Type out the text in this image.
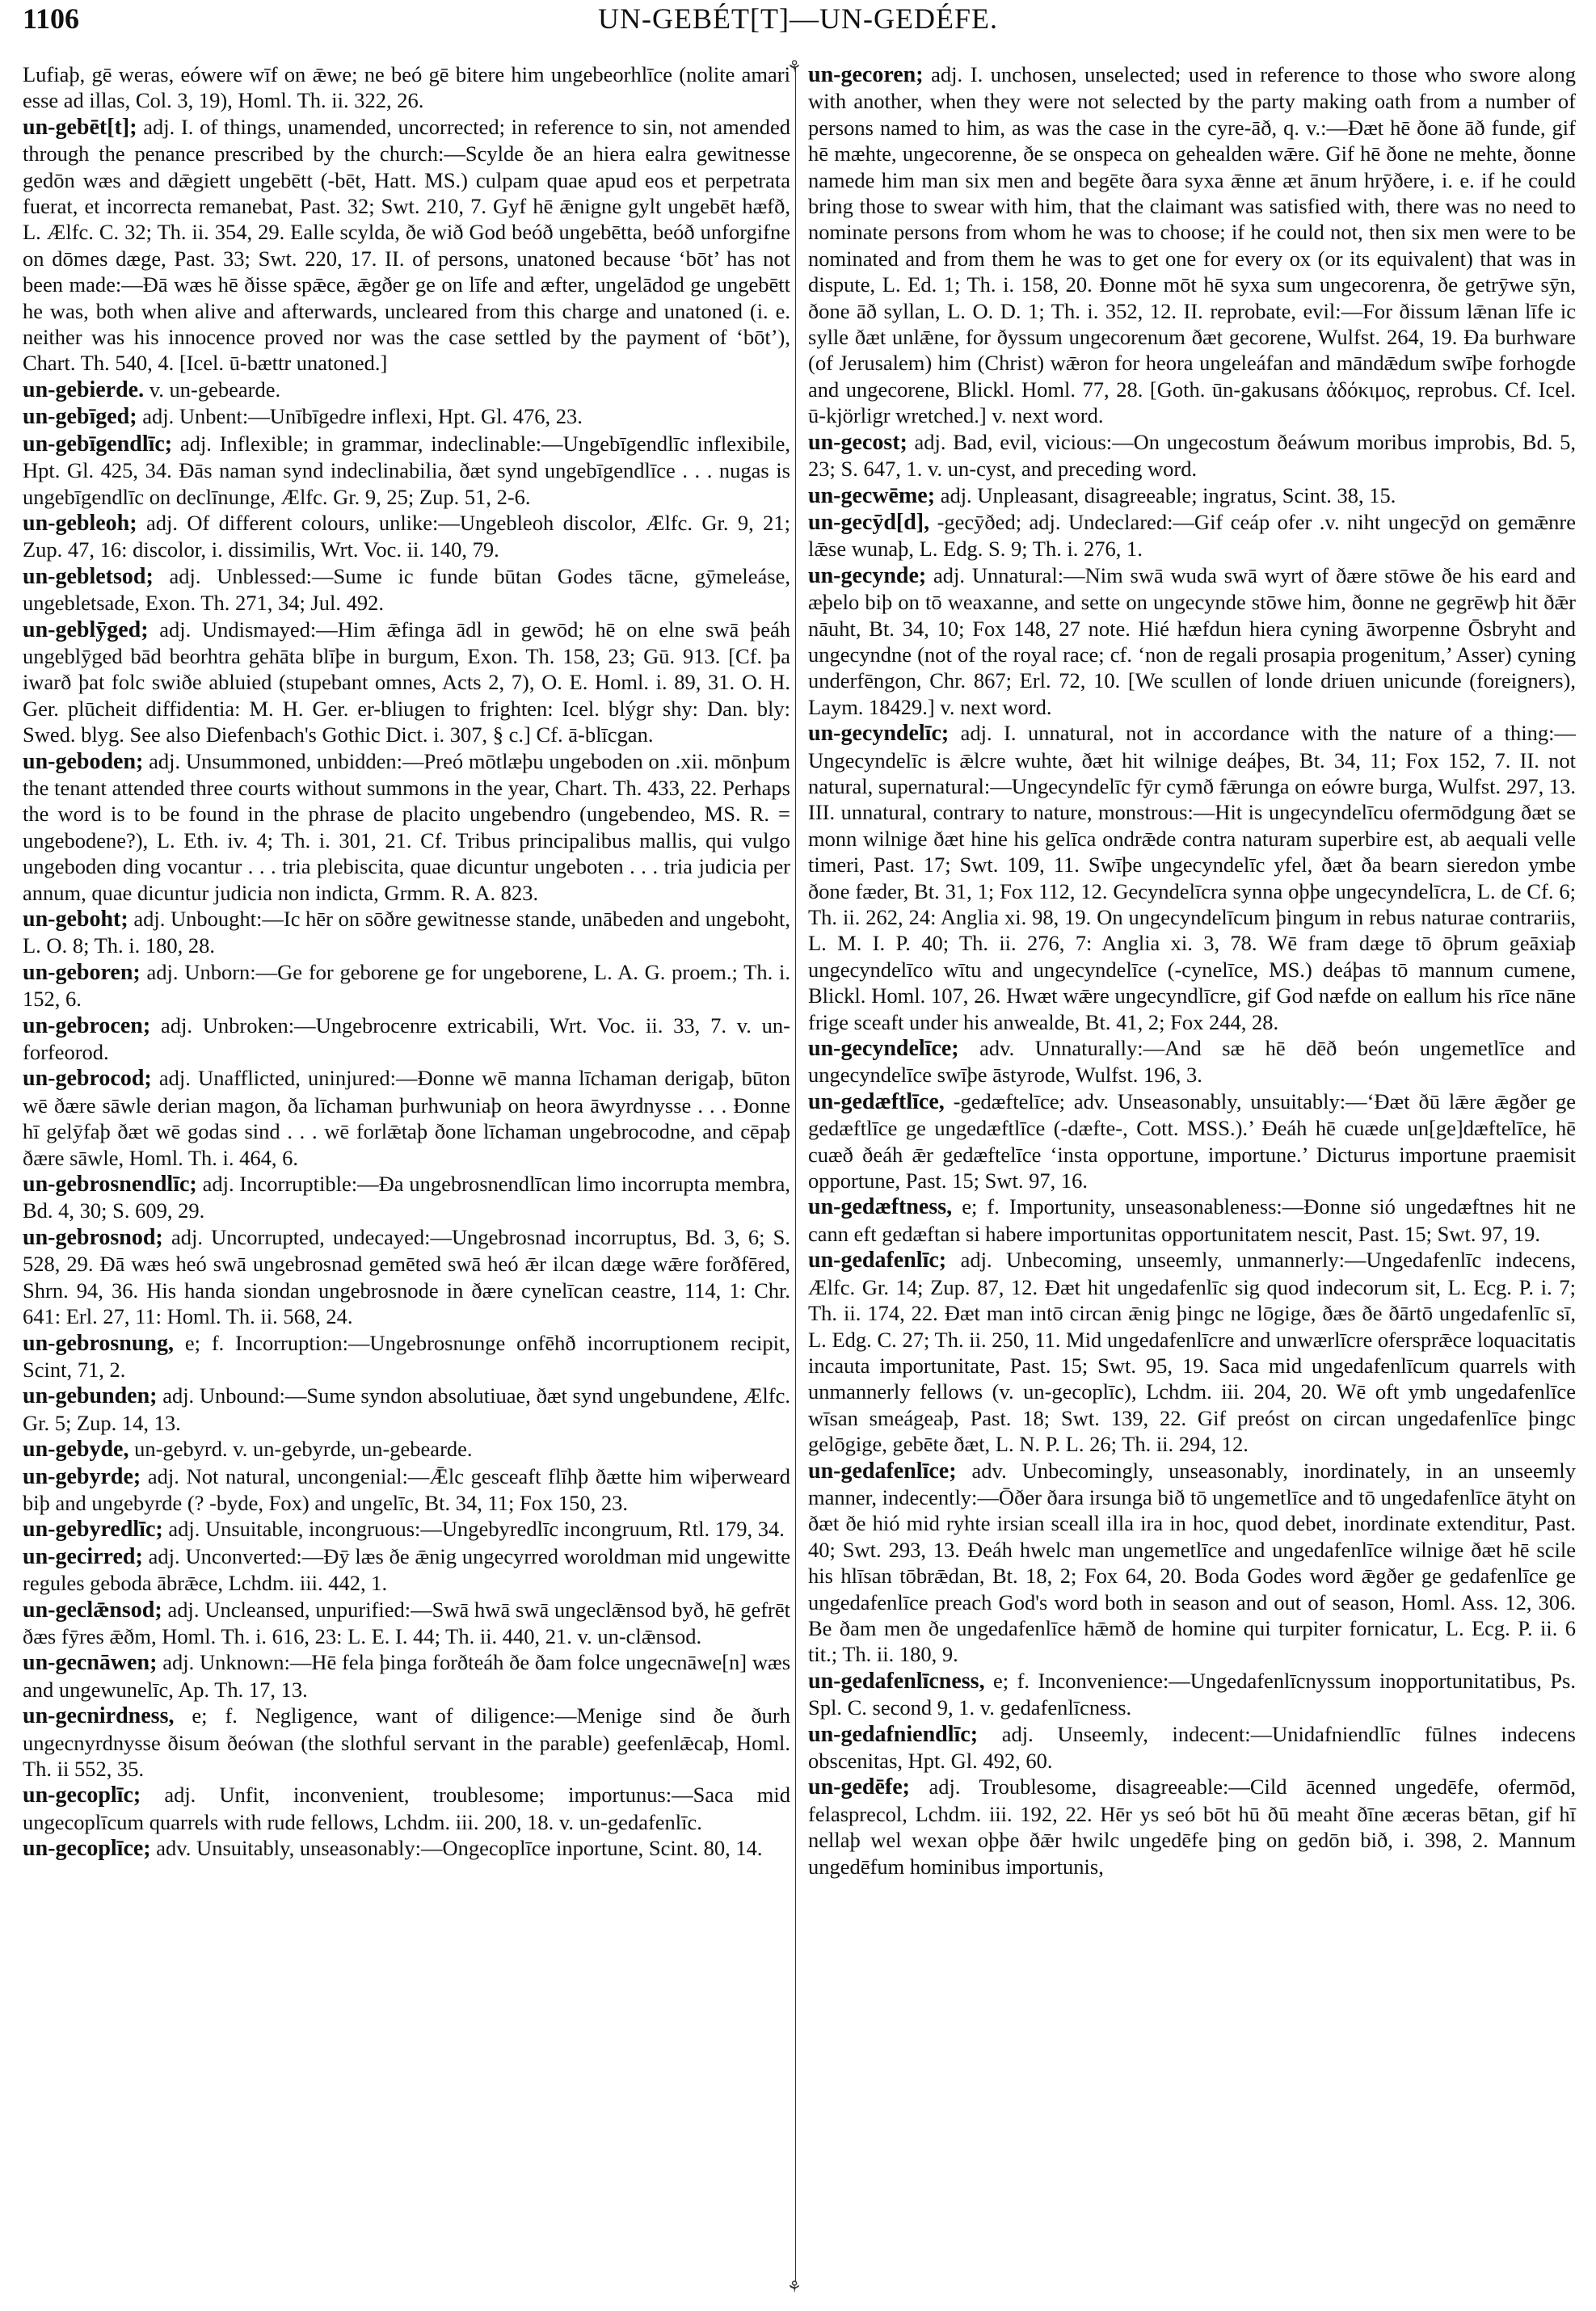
1106	UN-GEBÉT[T]—UN-GEDÉFE.

Lufiaþ, gē weras, eówere wīf on ǣwe; ne beó gē bitere him ungebeorhlīce (nolite amari esse ad illas, Col. 3, 19), Homl. Th. ii. 322, 26.

un-gebēt[t]; adj. I. of things, unamended, uncorrected; in reference to sin, not amended through the penance prescribed by the church:—Scylde ðe an hiera ealra gewitnesse gedōn wæs and dǣgiett ungebētt (-bēt, Hatt. MS.) culpam quae apud eos et perpetrata fuerat, et incorrecta remanebat, Past. 32; Swt. 210, 7. Gyf hē ǣnigne gylt ungebēt hæfð, L. Ælfc. C. 32; Th. ii. 354, 29. Ealle scylda, ðe wið God beóð ungebētta, beóð unforgifne on dōmes dæge, Past. 33; Swt. 220, 17. II. of persons, unatoned because ‘bōt’ has not been made:—Ðā wæs hē ðisse spǣce, ǣgðer ge on līfe and æfter, ungelādod ge ungebētt he was, both when alive and afterwards, uncleared from this charge and unatoned (i. e. neither was his innocence proved nor was the case settled by the payment of ‘bōt’), Chart. Th. 540, 4. [Icel. ū-bættr unatoned.]

un-gebierde. v. un-gebearde.

un-gebīged; adj. Unbent:—Unībīgedre inflexi, Hpt. Gl. 476, 23.

un-gebīgendlīc; adj. Inflexible; in grammar, indeclinable:—Ungebīgendlīc inflexibile, Hpt. Gl. 425, 34. Ðās naman synd indeclinabilia, ðæt synd ungebīgendlīce . . . nugas is ungebīgendlīc on declīnunge, Ælfc. Gr. 9, 25; Zup. 51, 2-6.

un-gebleoh; adj. Of different colours, unlike:—Ungebleoh discolor, Ælfc. Gr. 9, 21; Zup. 47, 16: discolor, i. dissimilis, Wrt. Voc. ii. 140, 79.

un-gebletsod; adj. Unblessed:—Sume ic funde būtan Godes tācne, gȳmeleáse, ungebletsade, Exon. Th. 271, 34; Jul. 492.

un-geblȳged; adj. Undismayed:—Him ǣfinga ādl in gewōd; hē on elne swā þeáh ungeblȳged bād beorhtra gehāta blīþe in burgum, Exon. Th. 158, 23; Gū. 913. [Cf. þa iwarð þat folc swiðe abluied (stupebant omnes, Acts 2, 7), O. E. Homl. i. 89, 31. O. H. Ger. plūcheit diffidentia: M. H. Ger. er-bliugen to frighten: Icel. blýgr shy: Dan. bly: Swed. blyg. See also Diefenbach's Gothic Dict. i. 307, § c.] Cf. ā-blīcgan.

un-geboden; adj. Unsummoned, unbidden:—Preó mōtlæþu ungeboden on .xii. mōnþum the tenant attended three courts without summons in the year, Chart. Th. 433, 22. Perhaps the word is to be found in the phrase de placito ungebendro (ungebendeo, MS. R. = ungebodene?), L. Eth. iv. 4; Th. i. 301, 21. Cf. Tribus principalibus mallis, qui vulgo ungeboden ding vocantur . . . tria plebiscita, quae dicuntur ungeboten . . . tria judicia per annum, quae dicuntur judicia non indicta, Grmm. R. A. 823.

un-geboht; adj. Unbought:—Ic hēr on sōðre gewitnesse stande, unābeden and ungeboht, L. O. 8; Th. i. 180, 28.

un-geboren; adj. Unborn:—Ge for geborene ge for ungeborene, L. A. G. proem.; Th. i. 152, 6.

un-gebrocen; adj. Unbroken:—Ungebrocenre extricabili, Wrt. Voc. ii. 33, 7. v. un-forfeorod.

un-gebrocod; adj. Unafflicted, uninjured:—Ðonne wē manna līchaman derigaþ, būton wē ðære sāwle derian magon, ða līchaman þurhwuniaþ on heora āwyrdnysse . . . Ðonne hī gelȳfaþ ðæt wē godas sind . . . wē forlǣtaþ ðone līchaman ungebrocodne, and cēpaþ ðære sāwle, Homl. Th. i. 464, 6.

un-gebrosnendlīc; adj. Incorruptible:—Ða ungebrosnendlīcan limo incorrupta membra, Bd. 4, 30; S. 609, 29.

un-gebrosnod; adj. Uncorrupted, undecayed:—Ungebrosnad incorruptus, Bd. 3, 6; S. 528, 29. Ðā wæs heó swā ungebrosnad gemēted swā heó ǣr ilcan dæge wǣre forðfēred, Shrn. 94, 36. His handa siondan ungebrosnode in ðære cynelīcan ceastre, 114, 1: Chr. 641: Erl. 27, 11: Homl. Th. ii. 568, 24.

un-gebrosnung, e; f. Incorruption:—Ungebrosnunge onfēhð incorruptionem recipit, Scint, 71, 2.

un-gebunden; adj. Unbound:—Sume syndon absolutiuae, ðæt synd ungebundene, Ælfc. Gr. 5; Zup. 14, 13.

un-gebyde, un-gebyrd. v. un-gebyrde, un-gebearde.

un-gebyrde; adj. Not natural, uncongenial:—Ǣlc gesceaft flīhþ ðætte him wiþerweard biþ and ungebyrde (? -byde, Fox) and ungelīc, Bt. 34, 11; Fox 150, 23.

un-gebyredlīc; adj. Unsuitable, incongruous:—Ungebyredlīc incongruum, Rtl. 179, 34.

un-gecirred; adj. Unconverted:—Ðȳ læs ðe ǣnig ungecyrred woroldman mid ungewitte regules geboda ābrǣce, Lchdm. iii. 442, 1.

un-geclǣnsod; adj. Uncleansed, unpurified:—Swā hwā swā ungeclǣnsod byð, hē gefrēt ðæs fȳres ǣðm, Homl. Th. i. 616, 23: L. E. I. 44; Th. ii. 440, 21. v. un-clǣnsod.

un-gecnāwen; adj. Unknown:—Hē fela þinga forðteáh ðe ðam folce ungecnāwe[n] wæs and ungewunelīc, Ap. Th. 17, 13.

un-gecnirdness, e; f. Negligence, want of diligence:—Menige sind ðe ðurh ungecnyrdnysse ðisum ðeówan (the slothful servant in the parable) geefenlǣcaþ, Homl. Th. ii 552, 35.

un-gecoplīc; adj. Unfit, inconvenient, troublesome; importunus:—Saca mid ungecoplīcum quarrels with rude fellows, Lchdm. iii. 200, 18. v. un-gedafenlīc.

un-gecoplīce; adv. Unsuitably, unseasonably:—Ongecoplīce inportune, Scint. 80, 14.

⚘
⚘

un-gecoren; adj. I. unchosen, unselected; used in reference to those who swore along with another, when they were not selected by the party making oath from a number of persons named to him, as was the case in the cyre-āð, q. v.:—Ðæt hē ðone āð funde, gif hē mæhte, ungecorenne, ðe se onspeca on gehealden wǣre. Gif hē ðone ne mehte, ðonne namede him man six men and begēte ðara syxa ǣnne æt ānum hrȳðere, i. e. if he could bring those to swear with him, that the claimant was satisfied with, there was no need to nominate persons from whom he was to choose; if he could not, then six men were to be nominated and from them he was to get one for every ox (or its equivalent) that was in dispute, L. Ed. 1; Th. i. 158, 20. Ðonne mōt hē syxa sum ungecorenra, ðe getrȳwe sȳn, ðone āð syllan, L. O. D. 1; Th. i. 352, 12. II. reprobate, evil:—For ðissum lǣnan līfe ic sylle ðæt unlǣne, for ðyssum ungecorenum ðæt gecorene, Wulfst. 264, 19. Ða burhware (of Jerusalem) him (Christ) wǣron for heora ungeleáfan and māndǣdum swīþe forhogde and ungecorene, Blickl. Homl. 77, 28. [Goth. ūn-gakusans ἀδόκιμος, reprobus. Cf. Icel. ū-kjörligr wretched.] v. next word.

un-gecost; adj. Bad, evil, vicious:—On ungecostum ðeáwum moribus improbis, Bd. 5, 23; S. 647, 1. v. un-cyst, and preceding word.

un-gecwēme; adj. Unpleasant, disagreeable; ingratus, Scint. 38, 15.

un-gecȳd[d], -gecȳðed; adj. Undeclared:—Gif ceáp ofer .v. niht ungecȳd on gemǣnre lǣse wunaþ, L. Edg. S. 9; Th. i. 276, 1.

un-gecynde; adj. Unnatural:—Nim swā wuda swā wyrt of ðære stōwe ðe his eard and æþelo biþ on tō weaxanne, and sette on ungecynde stōwe him, ðonne ne gegrēwþ hit ðǣr nāuht, Bt. 34, 10; Fox 148, 27 note. Hié hæfdun hiera cyning āworpenne Ōsbryht and ungecyndne (not of the royal race; cf. ‘non de regali prosapia progenitum,’ Asser) cyning underfēngon, Chr. 867; Erl. 72, 10. [We scullen of londe driuen unicunde (foreigners), Laym. 18429.] v. next word.

un-gecyndelīc; adj. I. unnatural, not in accordance with the nature of a thing:—Ungecyndelīc is ǣlcre wuhte, ðæt hit wilnige deáþes, Bt. 34, 11; Fox 152, 7. II. not natural, supernatural:—Ungecyndelīc fȳr cymð fǣrunga on eówre burga, Wulfst. 297, 13. III. unnatural, contrary to nature, monstrous:—Hit is ungecyndelīcu ofermōdgung ðæt se monn wilnige ðæt hine his gelīca ondrǣde contra naturam superbire est, ab aequali velle timeri, Past. 17; Swt. 109, 11. Swīþe ungecyndelīc yfel, ðæt ða bearn sieredon ymbe ðone fæder, Bt. 31, 1; Fox 112, 12. Gecyndelīcra synna oþþe ungecyndelīcra, L. de Cf. 6; Th. ii. 262, 24: Anglia xi. 98, 19. On ungecyndelīcum þingum in rebus naturae contrariis, L. M. I. P. 40; Th. ii. 276, 7: Anglia xi. 3, 78. Wē fram dæge tō ōþrum geāxiaþ ungecyndelīco wītu and ungecyndelīce (-cynelīce, MS.) deáþas tō mannum cumene, Blickl. Homl. 107, 26. Hwæt wǣre ungecyndlīcre, gif God næfde on eallum his rīce nāne frige sceaft under his anwealde, Bt. 41, 2; Fox 244, 28.

un-gecyndelīce; adv. Unnaturally:—And sæ hē dēð beón ungemetlīce and ungecyndelīce swīþe āstyrode, Wulfst. 196, 3.

un-gedæftlīce, -gedæftelīce; adv. Unseasonably, unsuitably:—‘Ðæt ðū lǣre ǣgðer ge gedæftlīce ge ungedæftlīce (-dæfte-, Cott. MSS.).’ Ðeáh hē cuæde un[ge]dæftelīce, hē cuæð ðeáh ǣr gedæftelīce ‘insta opportune, importune.’ Dicturus importune praemisit opportune, Past. 15; Swt. 97, 16.

un-gedæftness, e; f. Importunity, unseasonableness:—Ðonne sió ungedæftnes hit ne cann eft gedæftan si habere importunitas opportunitatem nescit, Past. 15; Swt. 97, 19.

un-gedafenlīc; adj. Unbecoming, unseemly, unmannerly:—Ungedafenlīc indecens, Ælfc. Gr. 14; Zup. 87, 12. Ðæt hit ungedafenlīc sig quod indecorum sit, L. Ecg. P. i. 7; Th. ii. 174, 22. Ðæt man intō circan ǣnig þingc ne lōgige, ðæs ðe ðārtō ungedafenlīc sī, L. Edg. C. 27; Th. ii. 250, 11. Mid ungedafenlīcre and unwærlīcre ofersprǣce loquacitatis incauta importunitate, Past. 15; Swt. 95, 19. Saca mid ungedafenlīcum quarrels with unmannerly fellows (v. un-gecoplīc), Lchdm. iii. 204, 20. Wē oft ymb ungedafenlīce wīsan smeágeaþ, Past. 18; Swt. 139, 22. Gif preóst on circan ungedafenlīce þingc gelōgige, gebēte ðæt, L. N. P. L. 26; Th. ii. 294, 12.

un-gedafenlīce; adv. Unbecomingly, unseasonably, inordinately, in an unseemly manner, indecently:—Ōðer ðara irsunga bið tō ungemetlīce and tō ungedafenlīce ātyht on ðæt ðe hió mid ryhte irsian sceall illa ira in hoc, quod debet, inordinate extenditur, Past. 40; Swt. 293, 13. Ðeáh hwelc man ungemetlīce and ungedafenlīce wilnige ðæt hē scile his hlīsan tōbrǣdan, Bt. 18, 2; Fox 64, 20. Boda Godes word ǣgðer ge gedafenlīce ge ungedafenlīce preach God's word both in season and out of season, Homl. Ass. 12, 306. Be ðam men ðe ungedafenlīce hǣmð de homine qui turpiter fornicatur, L. Ecg. P. ii. 6 tit.; Th. ii. 180, 9.

un-gedafenlīcness, e; f. Inconvenience:—Ungedafenlīcnyssum inopportunitatibus, Ps. Spl. C. second 9, 1. v. gedafenlīcness.

un-gedafniendlīc; adj. Unseemly, indecent:—Unidafniendlīc fūlnes indecens obscenitas, Hpt. Gl. 492, 60.

un-gedēfe; adj. Troublesome, disagreeable:—Cild ācenned ungedēfe, ofermōd, felasprecol, Lchdm. iii. 192, 22. Hēr ys seó bōt hū ðū meaht ðīne æceras bētan, gif hī nellaþ wel wexan oþþe ðǣr hwilc ungedēfe þing on gedōn bið, i. 398, 2. Mannum ungedēfum hominibus importunis,
